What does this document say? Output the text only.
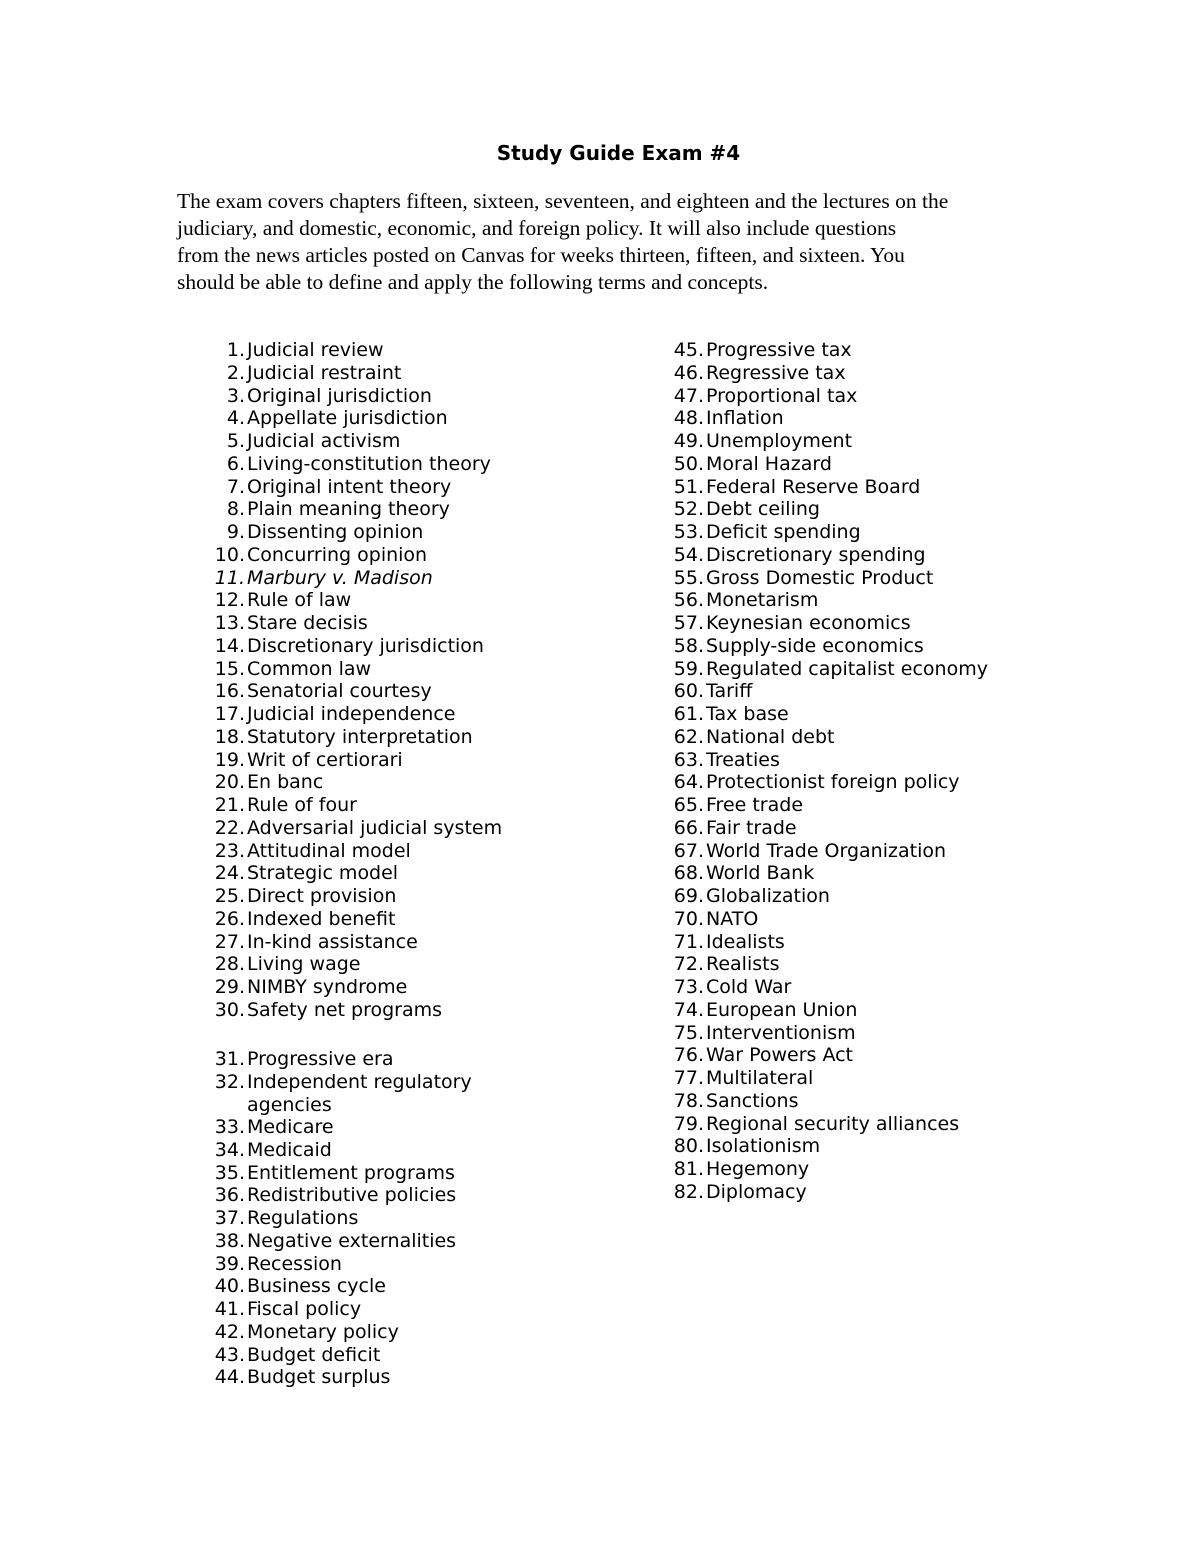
Study Guide Exam #4

The exam covers chapters fifteen, sixteen, seventeen, and eighteen and the lectures on the

judiciary, and domestic, economic, and foreign policy. It will also include questions

from the news articles posted on Canvas for weeks thirteen, fifteen, and sixteen. You

should be able to define and apply the following terms and concepts.

1. Judicial review
2. Judicial restraint
3. Original jurisdiction
4. Appellate jurisdiction
5. Judicial activism
6. Living-constitution theory
7. Original intent theory
8. Plain meaning theory
9. Dissenting opinion
10. Concurring opinion
11. Marbury v. Madison
12. Rule of law
13. Stare decisis
14. Discretionary jurisdiction
15. Common law
16. Senatorial courtesy
17. Judicial independence
18. Statutory interpretation
19. Writ of certiorari
20. En banc
21. Rule of four
22. Adversarial judicial system
23. Attitudinal model
24. Strategic model
25. Direct provision
26. Indexed benefit
27. In-kind assistance
28. Living wage
29. NIMBY syndrome
30. Safety net programs
31. Progressive era
32. Independent regulatory
agencies
33. Medicare
34. Medicaid
35. Entitlement programs
36. Redistributive policies
37. Regulations
38. Negative externalities
39. Recession
40. Business cycle
41. Fiscal policy
42. Monetary policy
43. Budget deficit
44. Budget surplus
45. Progressive tax
46. Regressive tax
47. Proportional tax
48. Inflation
49. Unemployment
50. Moral Hazard
51. Federal Reserve Board
52. Debt ceiling
53. Deficit spending
54. Discretionary spending
55. Gross Domestic Product
56. Monetarism
57. Keynesian economics
58. Supply-side economics
59. Regulated capitalist economy
60. Tariff
61. Tax base
62. National debt
63. Treaties
64. Protectionist foreign policy
65. Free trade
66. Fair trade
67. World Trade Organization
68. World Bank
69. Globalization
70. NATO
71. Idealists
72. Realists
73. Cold War
74. European Union
75. Interventionism
76. War Powers Act
77. Multilateral
78. Sanctions
79. Regional security alliances
80. Isolationism
81. Hegemony
82. Diplomacy
